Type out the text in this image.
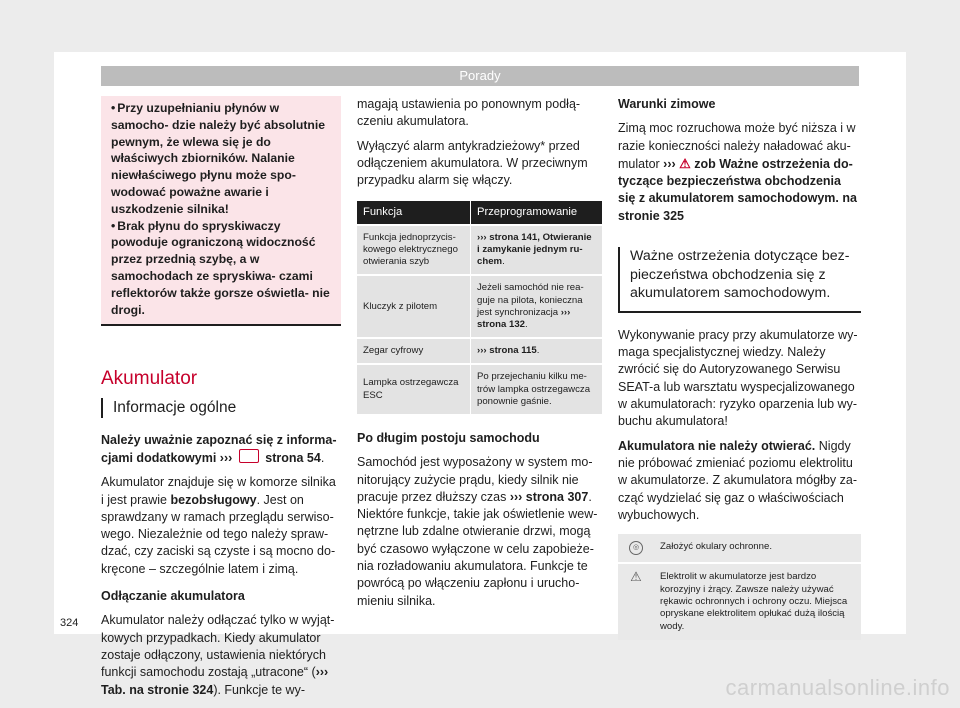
Porady

• Przy uzupełnianiu płynów w samocho- dzie należy być absolutnie pewnym, że wlewa się je do właściwych zbiorników. Nalanie niewłaściwego płynu może spo- wodować poważne awarie i uszkodzenie silnika!

• Brak płynu do spryskiwaczy powoduje ograniczoną widoczność przez przednią szybę, a w samochodach ze spryskiwa- czami reflektorów także gorsze oświetla- nie drogi.

Akumulator
Informacje ogólne

Należy uważnie zapoznać się z informa- cjami dodatkowymi ›››  strona 54.

Akumulator znajduje się w komorze silnika i jest prawie bezobsługowy. Jest on sprawdzany w ramach przeglądu serwiso- wego. Niezależnie od tego należy spraw- dzać, czy zaciski są czyste i są mocno do- kręcone – szczególnie latem i zimą.

Odłączanie akumulatora

Akumulator należy odłączać tylko w wyjąt- kowych przypadkach. Kiedy akumulator zostaje odłączony, ustawienia niektórych funkcji samochodu zostają „utracone“ (››› Tab. na stronie 324). Funkcje te wy-

magają ustawienia po ponownym podłą- czeniu akumulatora.

Wyłączyć alarm antykradzieżowy* przed odłączeniem akumulatora. W przeciwnym przypadku alarm się włączy.

Funkcja	Przeprogramowanie
Funkcja jednoprzycis- kowego elektrycznego otwierania szyb	››› strona 141, Otwieranie i zamykanie jednym ru- chem.
Kluczyk z pilotem	Jeżeli samochód nie rea- guje na pilota, konieczna jest synchronizacja ››› strona 132.
Zegar cyfrowy	››› strona 115.
Lampka ostrzegawcza ESC	Po przejechaniu kilku me- trów lampka ostrzegawcza ponownie gaśnie.

Po długim postoju samochodu

Samochód jest wyposażony w system mo- nitorujący zużycie prądu, kiedy silnik nie pracuje przez dłuższy czas ››› strona 307. Niektóre funkcje, takie jak oświetlenie wew- nętrzne lub zdalne otwieranie drzwi, mogą być czasowo wyłączone w celu zapobieże- nia rozładowaniu akumulatora. Funkcje te powrócą po włączeniu zapłonu i urucho- mieniu silnika.

Warunki zimowe

Zimą moc rozruchowa może być niższa i w razie konieczności należy naładować aku- mulator ››› ⚠ zob Ważne ostrzeżenia do- tyczące bezpieczeństwa obchodzenia się z akumulatorem samochodowym. na stronie 325

Ważne ostrzeżenia dotyczące bez- pieczeństwa obchodzenia się z akumulatorem samochodowym.

Wykonywanie pracy przy akumulatorze wy- maga specjalistycznej wiedzy. Należy zwrócić się do Autoryzowanego Serwisu SEAT-a lub warsztatu wyspecjalizowanego w akumulatorach: ryzyko oparzenia lub wy- buchu akumulatora!

Akumulatora nie należy otwierać. Nigdy nie próbować zmieniać poziomu elektrolitu w akumulatorze. Z akumulatora mógłby za- cząć wydzielać się gaz o właściwościach wybuchowych.

◎	Założyć okulary ochronne.
⚠	Elektrolit w akumulatorze jest bardzo korozyjny i żrący. Zawsze należy używać rękawic ochronnych i ochrony oczu. Miejsca opryskane elektrolitem opłukać dużą ilością wody.
324
carmanualsonline.info
